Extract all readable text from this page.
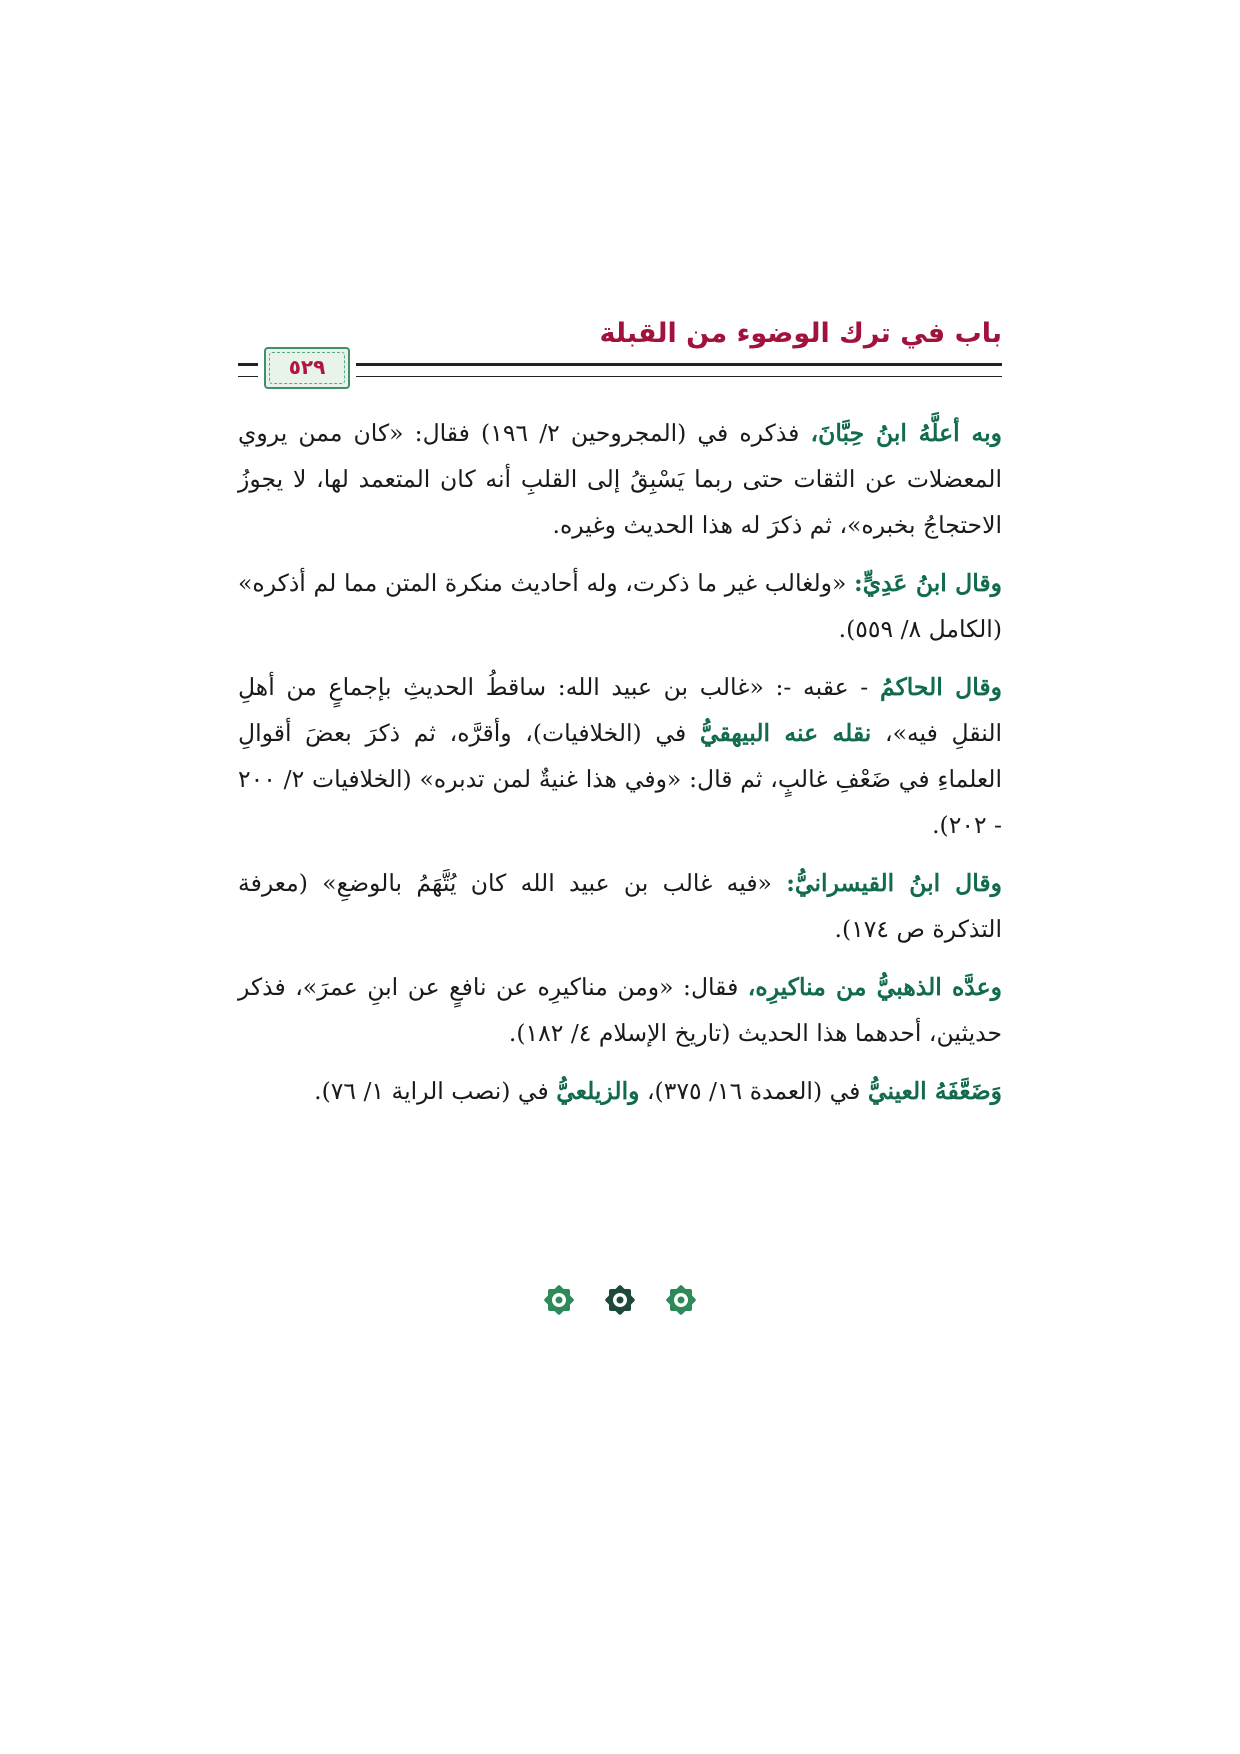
باب في ترك الوضوء من القبلة
٥٢٩

وبه أعلَّهُ ابنُ حِبَّانَ، فذكره في (المجروحين ٢/ ١٩٦) فقال: «كان ممن يروي المعضلات عن الثقات حتى ربما يَسْبِقُ إلى القلبِ أنه كان المتعمد لها، لا يجوزُ الاحتجاجُ بخبره»، ثم ذكرَ له هذا الحديث وغيره.

وقال ابنُ عَدِيٍّ: «ولغالب غير ما ذكرت، وله أحاديث منكرة المتن مما لم أذكره» (الكامل ٨/ ٥٥٩).

وقال الحاكمُ - عقبه -: «غالب بن عبيد الله: ساقطُ الحديثِ بإجماعٍ من أهلِ النقلِ فيه»، نقله عنه البيهقيُّ في (الخلافيات)، وأقرَّه، ثم ذكرَ بعضَ أقوالِ العلماءِ في ضَعْفِ غالبٍ، ثم قال: «وفي هذا غنيةٌ لمن تدبره» (الخلافيات ٢/ ٢٠٠ - ٢٠٢).

وقال ابنُ القيسرانيُّ: «فيه غالب بن عبيد الله كان يُتَّهَمُ بالوضعِ» (معرفة التذكرة ص ١٧٤).

وعدَّه الذهبيُّ من مناكيرِه، فقال: «ومن مناكيرِه عن نافعٍ عن ابنِ عمرَ»، فذكر حديثين، أحدهما هذا الحديث (تاريخ الإسلام ٤/ ١٨٢).

وَضَعَّفَهُ العينيُّ في (العمدة ١٦/ ٣٧٥)، والزيلعيُّ في (نصب الراية ١/ ٧٦).
